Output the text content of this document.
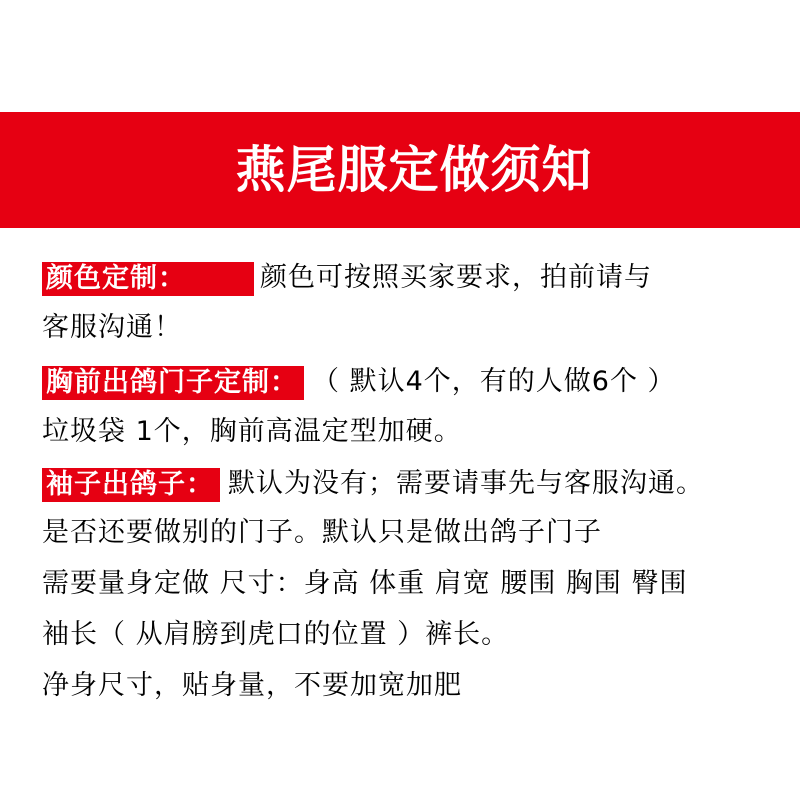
燕尾服定做须知
颜色定制：	颜色可按照买家要求，拍前请与
客服沟通！
胸前出鸽门子定制： （ 默认4个，有的人做6个 ）
垃圾袋 1个，胸前高温定型加硬。
袖子出鸽子： 默认为没有；需要请事先与客服沟通。
是否还要做别的门子。默认只是做出鸽子门子
需要量身定做 尺寸：身高 体重 肩宽 腰围 胸围 臀围
袖长（ 从肩膀到虎口的位置 ）裤长。
净身尺寸，贴身量，不要加宽加肥
